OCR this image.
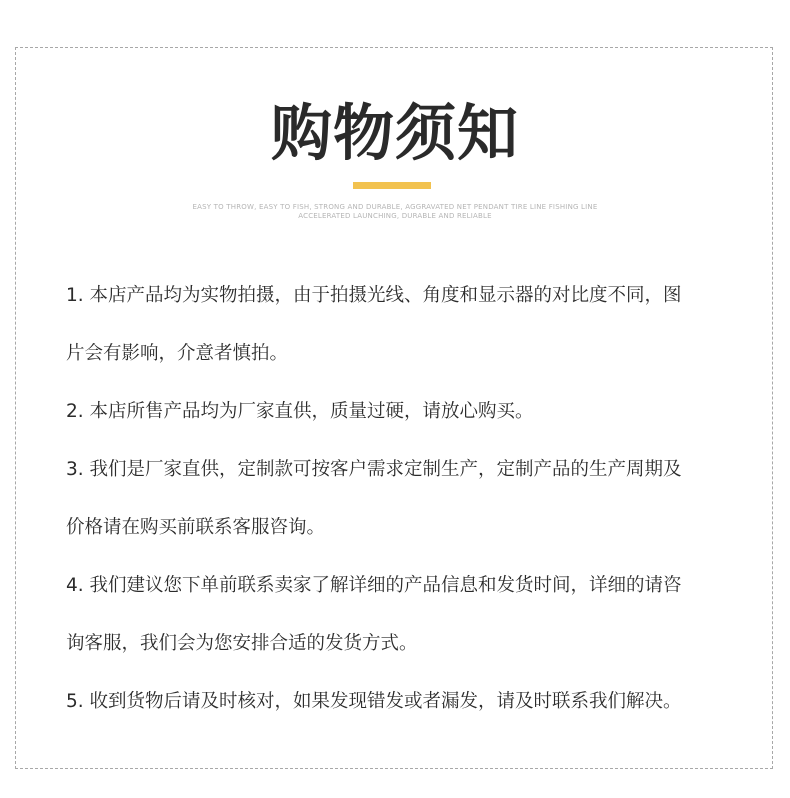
购物须知
EASY TO THROW, EASY TO FISH, STRONG AND DURABLE, AGGRAVATED NET PENDANT TIRE LINE FISHING LINE
ACCELERATED LAUNCHING, DURABLE AND RELIABLE
1. 本店产品均为实物拍摄，由于拍摄光线、角度和显示器的对比度不同，图
片会有影响，介意者慎拍。
2. 本店所售产品均为厂家直供，质量过硬，请放心购买。
3. 我们是厂家直供，定制款可按客户需求定制生产，定制产品的生产周期及
价格请在购买前联系客服咨询。
4. 我们建议您下单前联系卖家了解详细的产品信息和发货时间，详细的请咨
询客服，我们会为您安排合适的发货方式。
5. 收到货物后请及时核对，如果发现错发或者漏发，请及时联系我们解决。
